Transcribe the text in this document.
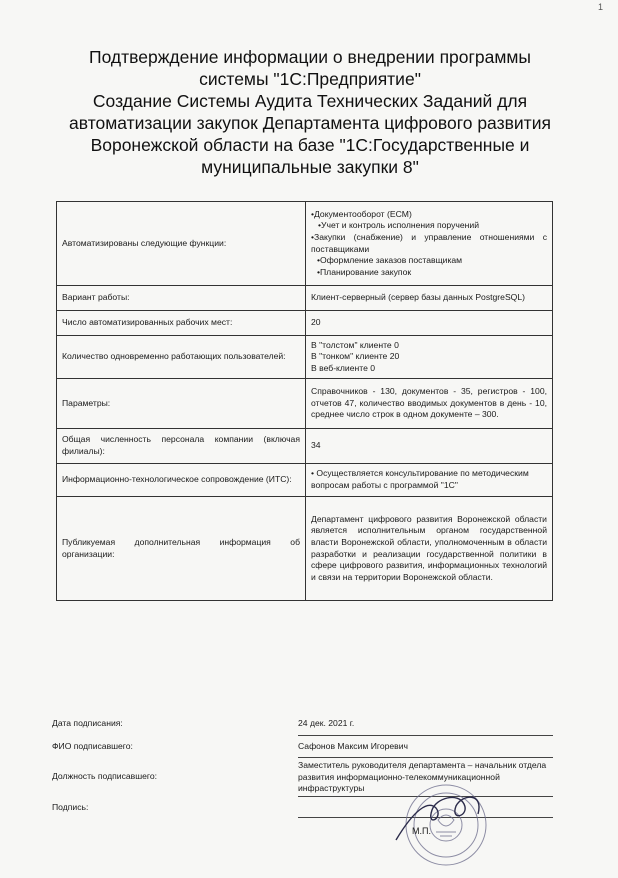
1
Подтверждение информации о внедрении программы
системы "1С:Предприятие"
Создание Системы Аудита Технических Заданий для
автоматизации закупок Департамента цифрового развития
Воронежской области на базе "1С:Государственные и
муниципальные закупки 8"
Автоматизированы следующие функции:	•Документооборот (ECM)
•Учет и контроль исполнения поручений
•Закупки (снабжение) и управление отношениями с поставщиками
•Оформление заказов поставщикам
•Планирование закупок

Вариант работы:	Клиент-серверный (сервер базы данных PostgreSQL)
Число автоматизированных рабочих мест:	20
Количество одновременно работающих пользователей:	В "толстом" клиенте 0
В "тонком" клиенте 20
В веб-клиенте 0

Параметры:	Справочников - 130, документов - 35, регистров - 100, отчетов 47, количество вводимых документов в день - 10, среднее число строк в одном документе – 300.
Общая численность персонала компании (включая филиалы):	34
Информационно-технологическое сопровождение (ИТС):	• Осуществляется консультирование по методическим вопросам работы с программой "1С"
Публикуемая дополнительная информация об организации:	Департамент цифрового развития Воронежской области является исполнительным органом государственной власти Воронежской области, уполномоченным в области разработки и реализации государственной политики в сфере цифрового развития, информационных технологий и связи на территории Воронежской области.
Дата подписания:	24 дек. 2021 г.
ФИО подписавшего:	Сафонов Максим Игоревич
Должность подписавшего:
Заместитель руководителя департамента – начальник отдела развития информационно-телекоммуникационной инфраструктуры
Подпись:
М.П.
